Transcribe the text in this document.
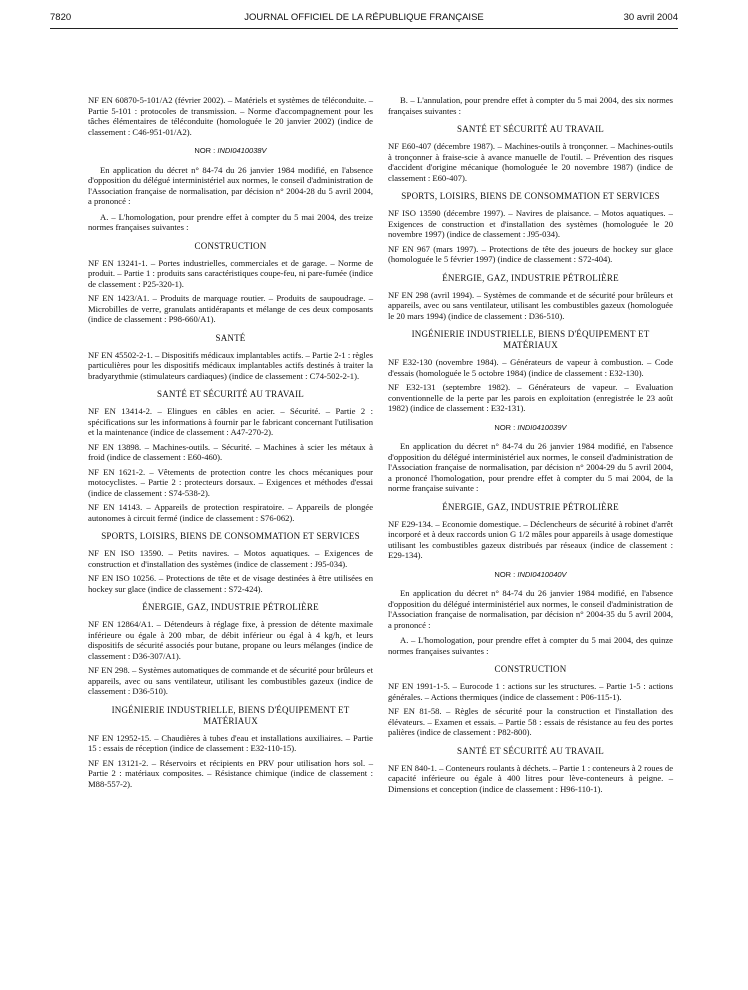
7820	JOURNAL OFFICIEL DE LA RÉPUBLIQUE FRANÇAISE	30 avril 2004
NF EN 60870-5-101/A2 (février 2002). – Matériels et systèmes de téléconduite. – Partie 5-101 : protocoles de transmission. – Norme d'accompagnement pour les tâches élémentaires de téléconduite (homologuée le 20 janvier 2002) (indice de classement : C46-951-01/A2).
NOR : INDI0410038V
En application du décret n° 84-74 du 26 janvier 1984 modifié, en l'absence d'opposition du délégué interministériel aux normes, le conseil d'administration de l'Association française de normalisation, par décision n° 2004-28 du 5 avril 2004, a prononcé :
A. – L'homologation, pour prendre effet à compter du 5 mai 2004, des treize normes françaises suivantes :
CONSTRUCTION
NF EN 13241-1. – Portes industrielles, commerciales et de garage. – Norme de produit. – Partie 1 : produits sans caractéristiques coupe-feu, ni pare-fumée (indice de classement : P25-320-1).
NF EN 1423/A1. – Produits de marquage routier. – Produits de saupoudrage. – Microbilles de verre, granulats antidérapants et mélange de ces deux composants (indice de classement : P98-660/A1).
SANTÉ
NF EN 45502-2-1. – Dispositifs médicaux implantables actifs. – Partie 2-1 : règles particulières pour les dispositifs médicaux implantables actifs destinés à traiter la bradyarythmie (stimulateurs cardiaques) (indice de classement : C74-502-2-1).
SANTÉ ET SÉCURITÉ AU TRAVAIL
NF EN 13414-2. – Elingues en câbles en acier. – Sécurité. – Partie 2 : spécifications sur les informations à fournir par le fabricant concernant l'utilisation et la maintenance (indice de classement : A47-270-2).
NF EN 13898. – Machines-outils. – Sécurité. – Machines à scier les métaux à froid (indice de classement : E60-460).
NF EN 1621-2. – Vêtements de protection contre les chocs mécaniques pour motocyclistes. – Partie 2 : protecteurs dorsaux. – Exigences et méthodes d'essai (indice de classement : S74-538-2).
NF EN 14143. – Appareils de protection respiratoire. – Appareils de plongée autonomes à circuit fermé (indice de classement : S76-062).
SPORTS, LOISIRS, BIENS DE CONSOMMATION ET SERVICES
NF EN ISO 13590. – Petits navires. – Motos aquatiques. – Exigences de construction et d'installation des systèmes (indice de classement : J95-034).
NF EN ISO 10256. – Protections de tête et de visage destinées à être utilisées en hockey sur glace (indice de classement : S72-424).
ÉNERGIE, GAZ, INDUSTRIE PÉTROLIÈRE
NF EN 12864/A1. – Détendeurs à réglage fixe, à pression de détente maximale inférieure ou égale à 200 mbar, de débit inférieur ou égal à 4 kg/h, et leurs dispositifs de sécurité associés pour butane, propane ou leurs mélanges (indice de classement : D36-307/A1).
NF EN 298. – Systèmes automatiques de commande et de sécurité pour brûleurs et appareils, avec ou sans ventilateur, utilisant les combustibles gazeux (indice de classement : D36-510).
INGÉNIERIE INDUSTRIELLE, BIENS D'ÉQUIPEMENT ET MATÉRIAUX
NF EN 12952-15. – Chaudières à tubes d'eau et installations auxiliaires. – Partie 15 : essais de réception (indice de classement : E32-110-15).
NF EN 13121-2. – Réservoirs et récipients en PRV pour utilisation hors sol. – Partie 2 : matériaux composites. – Résistance chimique (indice de classement : M88-557-2).
B. – L'annulation, pour prendre effet à compter du 5 mai 2004, des six normes françaises suivantes :
SANTÉ ET SÉCURITÉ AU TRAVAIL
NF E60-407 (décembre 1987). – Machines-outils à tronçonner. – Machines-outils à tronçonner à fraise-scie à avance manuelle de l'outil. – Prévention des risques d'accident d'origine mécanique (homologuée le 20 novembre 1987) (indice de classement : E60-407).
SPORTS, LOISIRS, BIENS DE CONSOMMATION ET SERVICES
NF ISO 13590 (décembre 1997). – Navires de plaisance. – Motos aquatiques. – Exigences de construction et d'installation des systèmes (homologuée le 20 novembre 1997) (indice de classement : J95-034).
NF EN 967 (mars 1997). – Protections de tête des joueurs de hockey sur glace (homologuée le 5 février 1997) (indice de classement : S72-404).
ÉNERGIE, GAZ, INDUSTRIE PÉTROLIÈRE
NF EN 298 (avril 1994). – Systèmes de commande et de sécurité pour brûleurs et appareils, avec ou sans ventilateur, utilisant les combustibles gazeux (homologuée le 20 mars 1994) (indice de classement : D36-510).
INGÉNIERIE INDUSTRIELLE, BIENS D'ÉQUIPEMENT ET MATÉRIAUX
NF E32-130 (novembre 1984). – Générateurs de vapeur à combustion. – Code d'essais (homologuée le 5 octobre 1984) (indice de classement : E32-130).
NF E32-131 (septembre 1982). – Générateurs de vapeur. – Evaluation conventionnelle de la perte par les parois en exploitation (enregistrée le 23 août 1982) (indice de classement : E32-131).
NOR : INDI0410039V
En application du décret n° 84-74 du 26 janvier 1984 modifié, en l'absence d'opposition du délégué interministériel aux normes, le conseil d'administration de l'Association française de normalisation, par décision n° 2004-29 du 5 avril 2004, a prononcé l'homologation, pour prendre effet à compter du 5 mai 2004, de la norme française suivante :
ÉNERGIE, GAZ, INDUSTRIE PÉTROLIÈRE
NF E29-134. – Economie domestique. – Déclencheurs de sécurité à robinet d'arrêt incorporé et à deux raccords union G 1/2 mâles pour appareils à usage domestique utilisant les combustibles gazeux distribués par réseaux (indice de classement : E29-134).
NOR : INDI0410040V
En application du décret n° 84-74 du 26 janvier 1984 modifié, en l'absence d'opposition du délégué interministériel aux normes, le conseil d'administration de l'Association française de normalisation, par décision n° 2004-35 du 5 avril 2004, a prononcé :
A. – L'homologation, pour prendre effet à compter du 5 mai 2004, des quinze normes françaises suivantes :
CONSTRUCTION
NF EN 1991-1-5. – Eurocode 1 : actions sur les structures. – Partie 1-5 : actions générales. – Actions thermiques (indice de classement : P06-115-1).
NF EN 81-58. – Règles de sécurité pour la construction et l'installation des élévateurs. – Examen et essais. – Partie 58 : essais de résistance au feu des portes palières (indice de classement : P82-800).
SANTÉ ET SÉCURITÉ AU TRAVAIL
NF EN 840-1. – Conteneurs roulants à déchets. – Partie 1 : conteneurs à 2 roues de capacité inférieure ou égale à 400 litres pour lève-conteneurs à peigne. – Dimensions et conception (indice de classement : H96-110-1).
